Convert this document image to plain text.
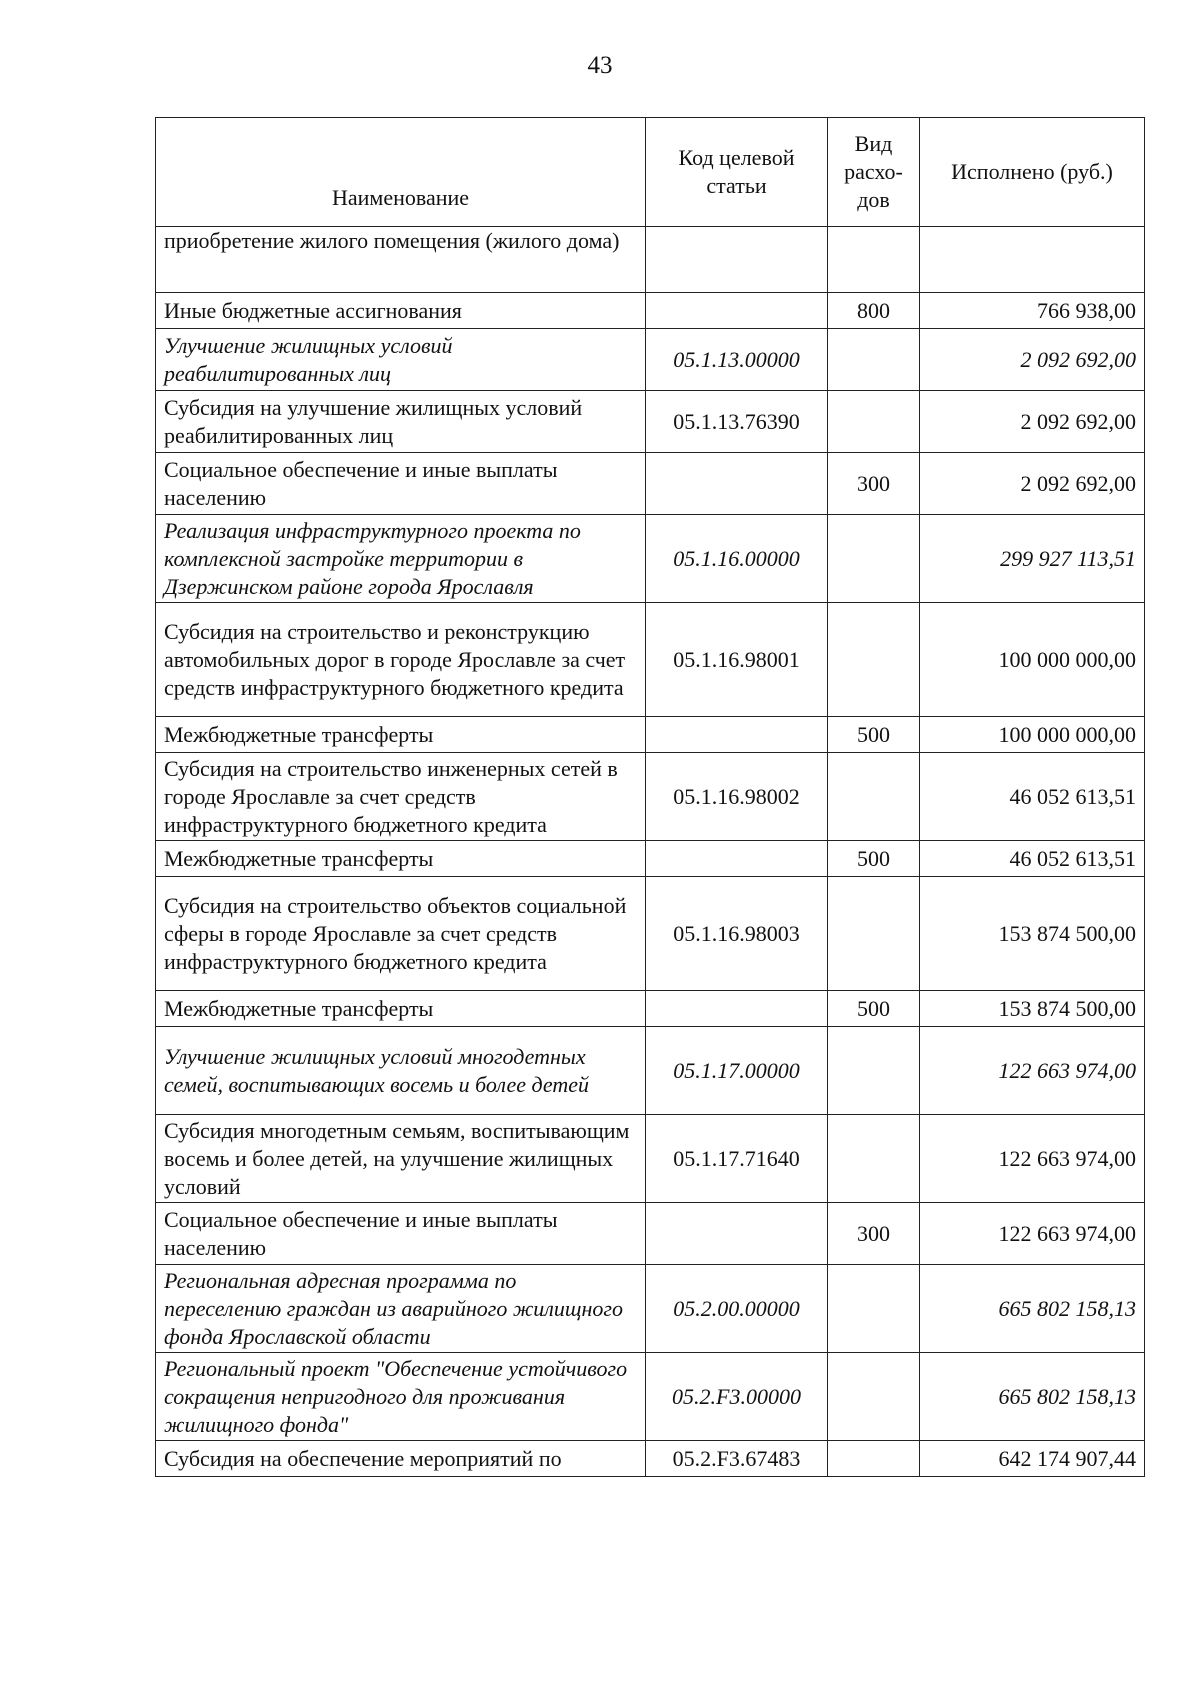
43
Наименование	Код целевой статьи	Вид расхо-дов	Исполнено (руб.)
приобретение жилого помещения (жилого дома)			
Иные бюджетные ассигнования		800	766 938,00
Улучшение жилищных условий реабилитированных лиц	05.1.13.00000		2 092 692,00
Субсидия на улучшение жилищных условий реабилитированных лиц	05.1.13.76390		2 092 692,00
Социальное обеспечение и иные выплаты населению		300	2 092 692,00
Реализация инфраструктурного проекта по комплексной застройке территории в Дзержинском районе города Ярославля	05.1.16.00000		299 927 113,51
Субсидия на строительство и реконструкцию автомобильных дорог в городе Ярославле за счет средств инфраструктурного бюджетного кредита	05.1.16.98001		100 000 000,00
Межбюджетные трансферты		500	100 000 000,00
Субсидия на строительство инженерных сетей в городе Ярославле за счет средств инфраструктурного бюджетного кредита	05.1.16.98002		46 052 613,51
Межбюджетные трансферты		500	46 052 613,51
Субсидия на строительство объектов социальной сферы в городе Ярославле за счет средств инфраструктурного бюджетного кредита	05.1.16.98003		153 874 500,00
Межбюджетные трансферты		500	153 874 500,00
Улучшение жилищных условий многодетных семей, воспитывающих восемь и более детей	05.1.17.00000		122 663 974,00
Субсидия многодетным семьям, воспитывающим восемь и более детей, на улучшение жилищных условий	05.1.17.71640		122 663 974,00
Социальное обеспечение и иные выплаты населению		300	122 663 974,00
Региональная адресная программа по переселению граждан из аварийного жилищного фонда Ярославской области	05.2.00.00000		665 802 158,13
Региональный проект "Обеспечение устойчивого сокращения непригодного для проживания жилищного фонда"	05.2.F3.00000		665 802 158,13
Субсидия на обеспечение мероприятий по	05.2.F3.67483		642 174 907,44
